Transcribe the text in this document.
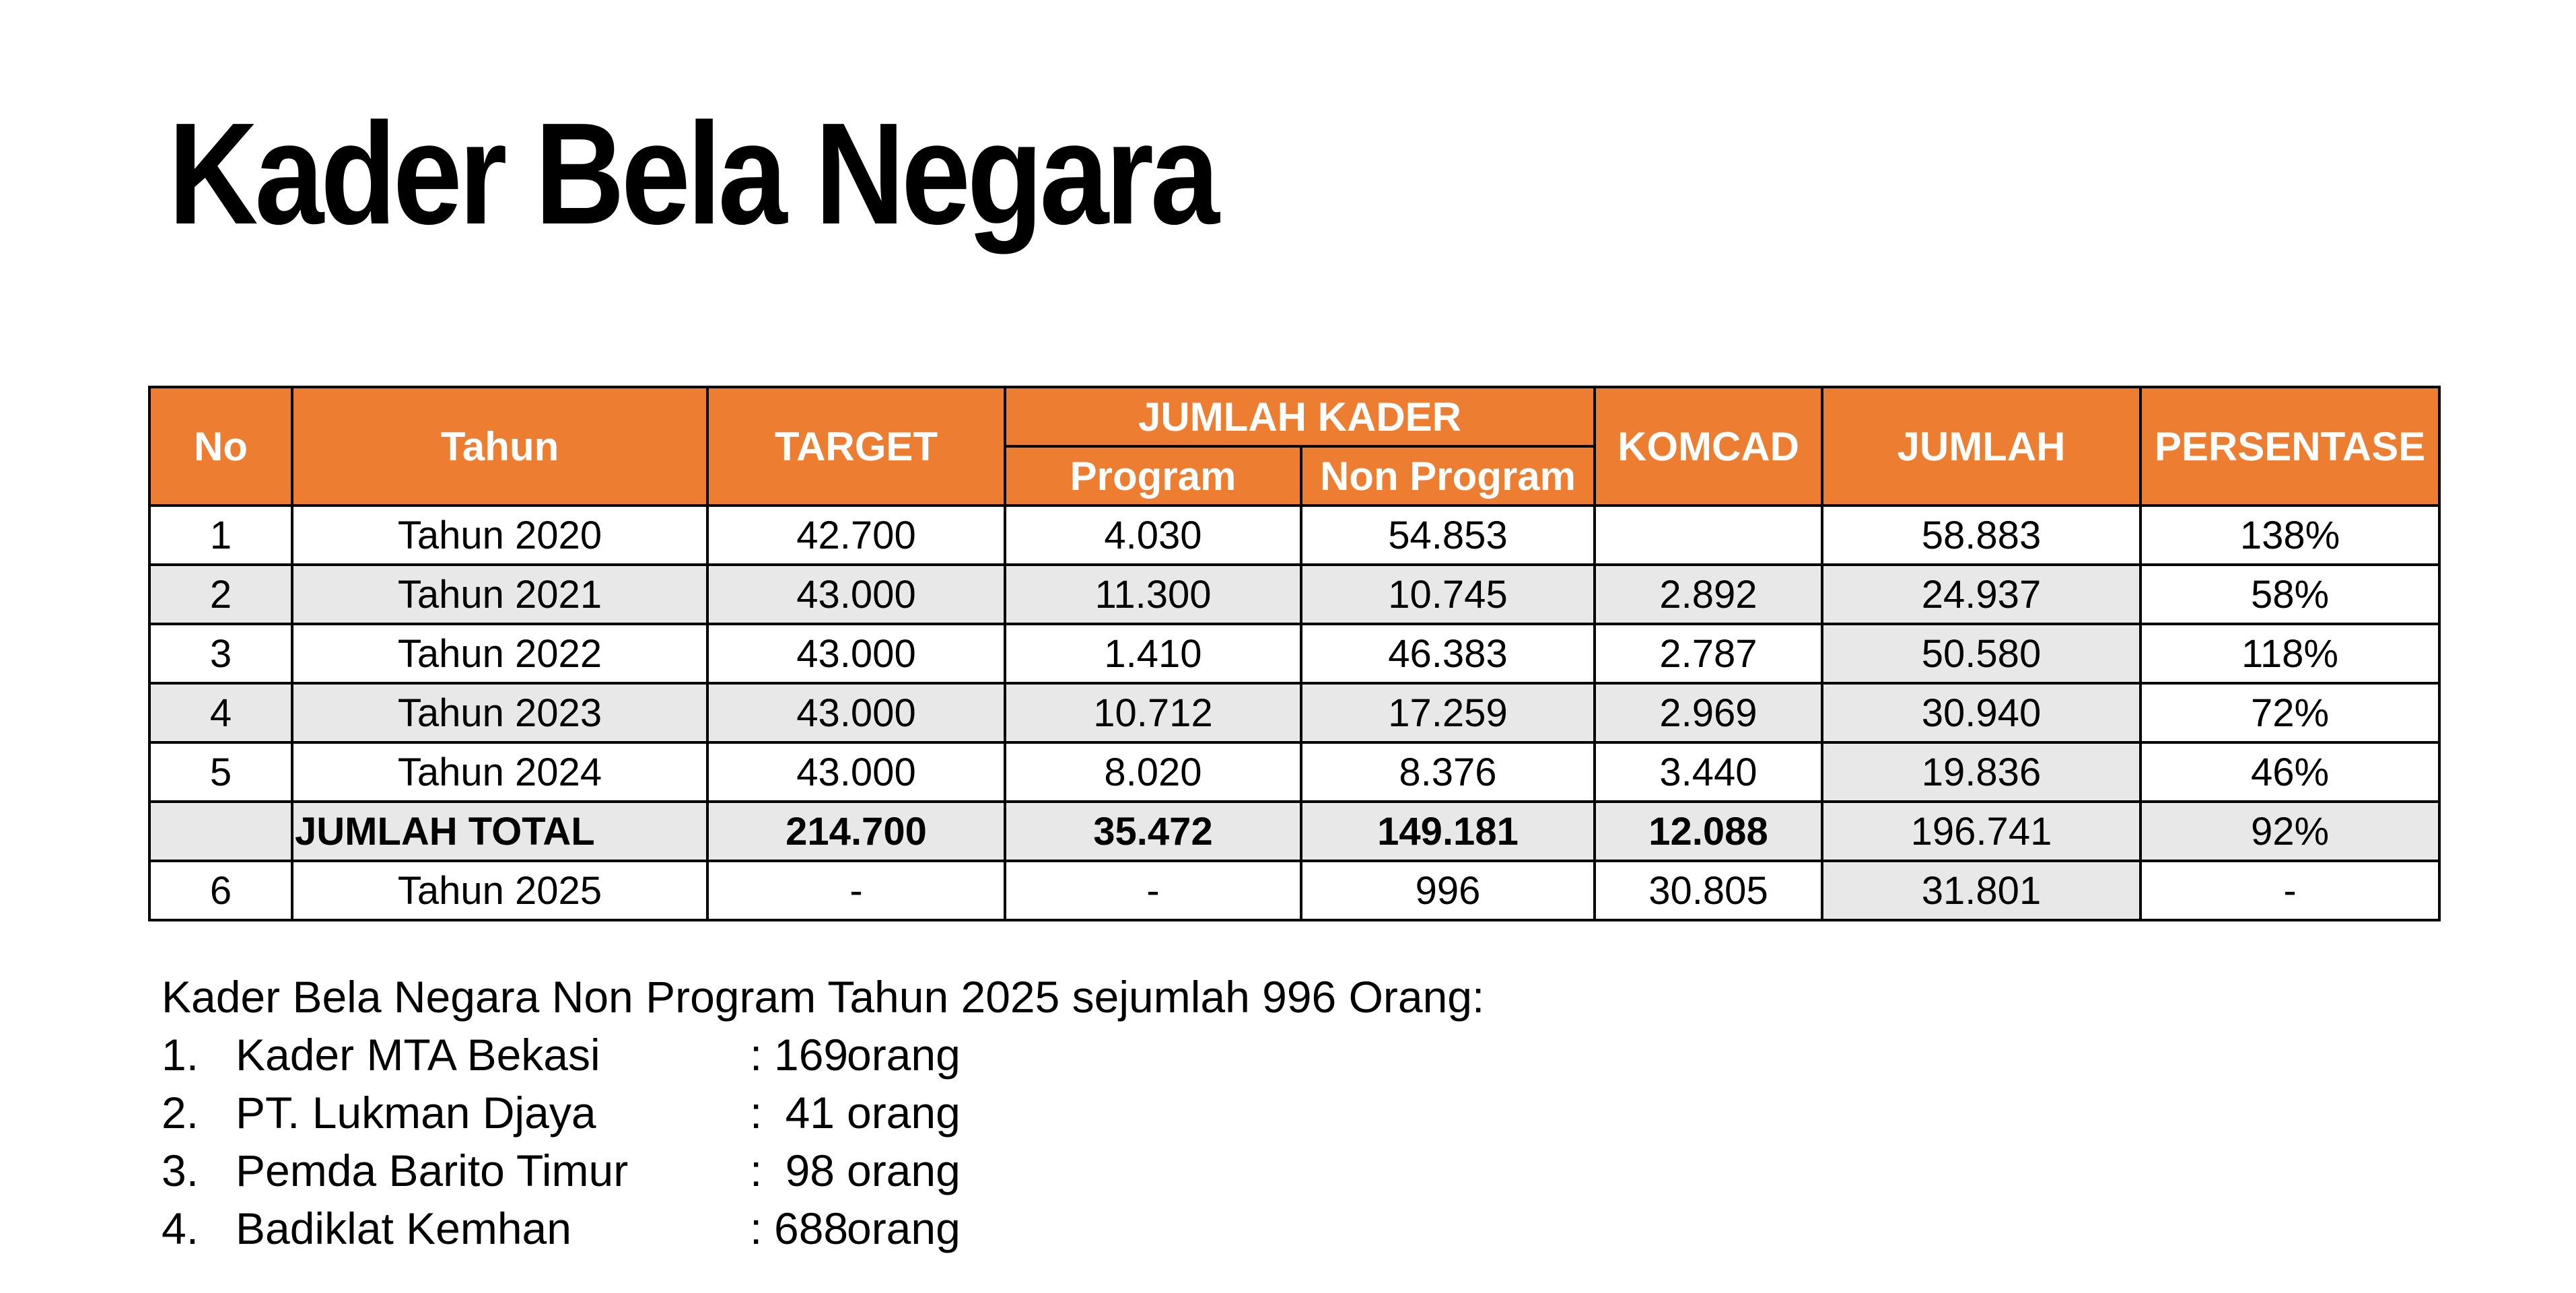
Kader Bela Negara
No	Tahun	TARGET	JUMLAH KADER		KOMCAD	JUMLAH	PERSENTASE
			Program	Non Program			
1	Tahun 2020	42.700	4.030	54.853		58.883	138%
2	Tahun 2021	43.000	11.300	10.745	2.892	24.937	58%
3	Tahun 2022	43.000	1.410	46.383	2.787	50.580	118%
4	Tahun 2023	43.000	10.712	17.259	2.969	30.940	72%
5	Tahun 2024	43.000	8.020	8.376	3.440	19.836	46%
	JUMLAH TOTAL	214.700	35.472	149.181	12.088	196.741	92%
6	Tahun 2025	-	-	996	30.805	31.801	-
Kader Bela Negara Non Program Tahun 2025 sejumlah 996 Orang:
1. Kader MTA Bekasi	: 169
orang
2. PT. Lukman Djaya	: 41 orang
3. Pemda Barito Timur	: 98 orang
4. Badiklat Kemhan	: 688
orang
